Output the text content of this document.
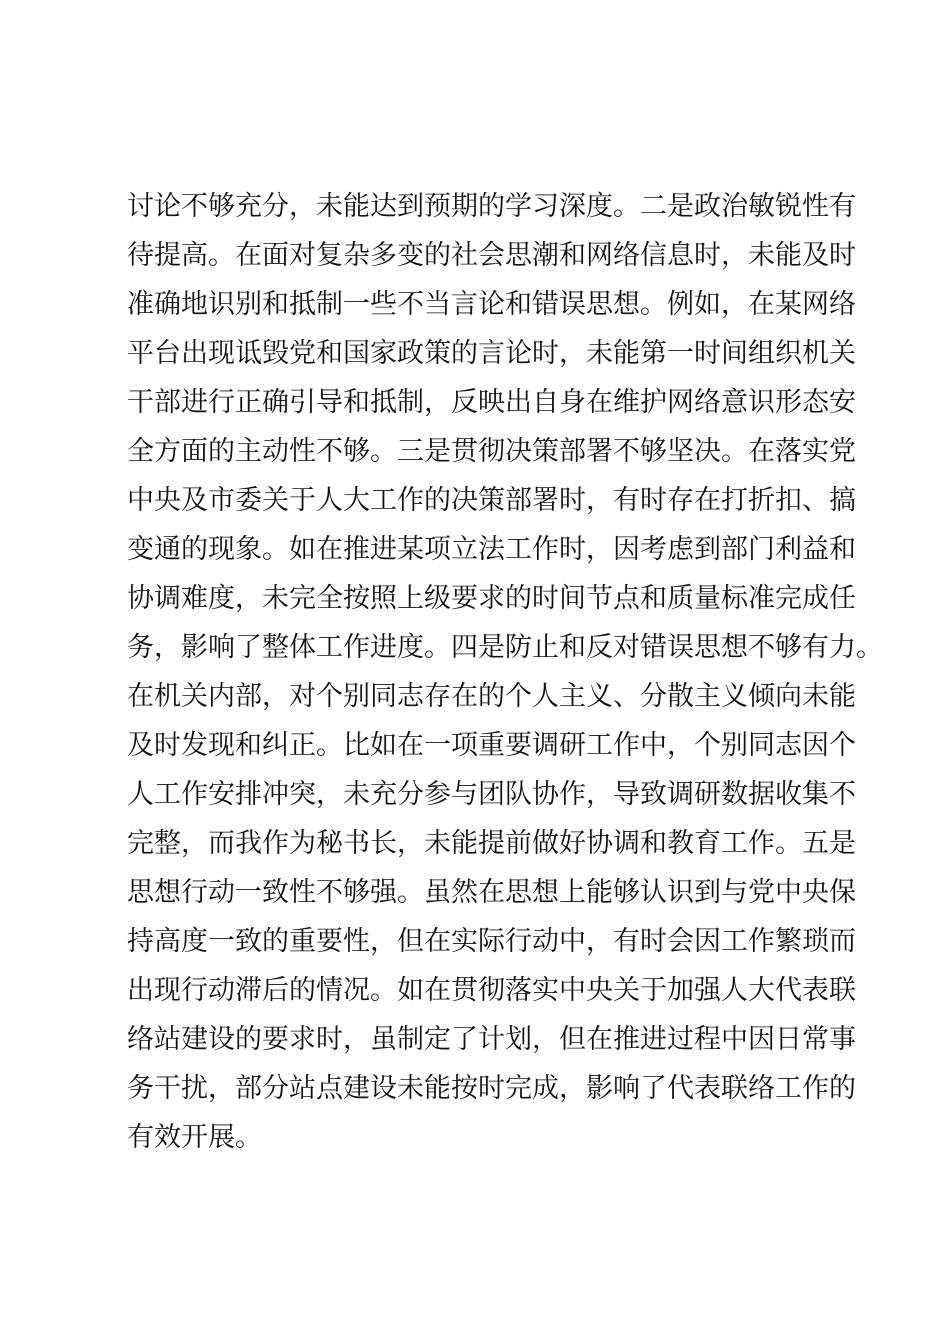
讨论不够充分，未能达到预期的学习深度。二是政治敏锐性有
待提高。在面对复杂多变的社会思潮和网络信息时，未能及时
准确地识别和抵制一些不当言论和错误思想。例如，在某网络
平台出现诋毁党和国家政策的言论时，未能第一时间组织机关
干部进行正确引导和抵制，反映出自身在维护网络意识形态安
全方面的主动性不够。三是贯彻决策部署不够坚决。在落实党
中央及市委关于人大工作的决策部署时，有时存在打折扣、搞
变通的现象。如在推进某项立法工作时，因考虑到部门利益和
协调难度，未完全按照上级要求的时间节点和质量标准完成任
务，影响了整体工作进度。四是防止和反对错误思想不够有力。
在机关内部，对个别同志存在的个人主义、分散主义倾向未能
及时发现和纠正。比如在一项重要调研工作中，个别同志因个
人工作安排冲突，未充分参与团队协作，导致调研数据收集不
完整，而我作为秘书长，未能提前做好协调和教育工作。五是
思想行动一致性不够强。虽然在思想上能够认识到与党中央保
持高度一致的重要性，但在实际行动中，有时会因工作繁琐而
出现行动滞后的情况。如在贯彻落实中央关于加强人大代表联
络站建设的要求时，虽制定了计划，但在推进过程中因日常事
务干扰，部分站点建设未能按时完成，影响了代表联络工作的
有效开展。
